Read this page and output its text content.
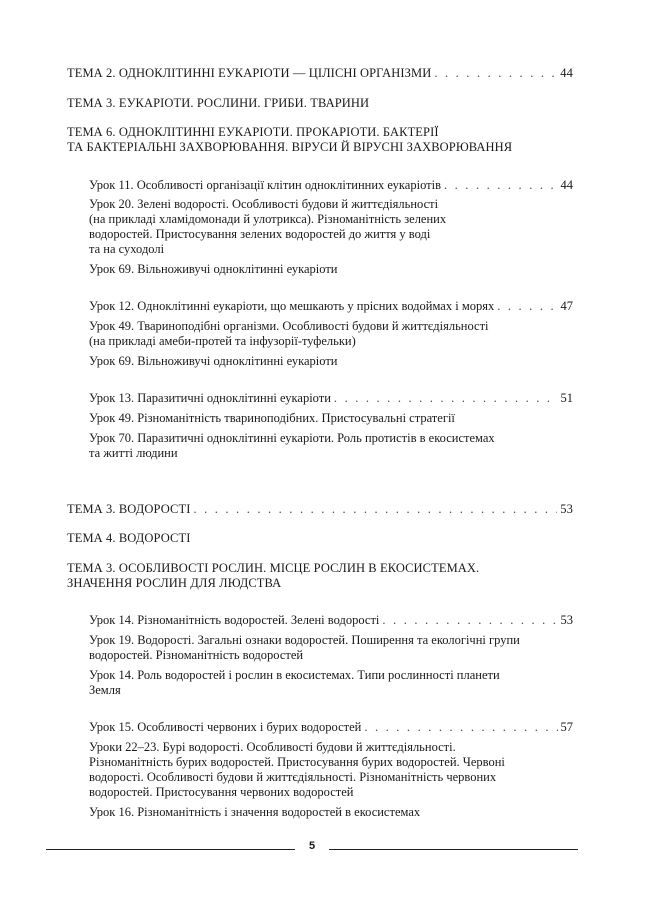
ТЕМА 2. ОДНОКЛІТИННІ ЕУКАРІОТИ — ЦІЛІСНІ ОРГАНІЗМИ . . .	44
ТЕМА 3. ЕУКАРІОТИ. РОСЛИНИ. ГРИБИ. ТВАРИНИ
ТЕМА 6. ОДНОКЛІТИННІ ЕУКАРІОТИ. ПРОКАРІОТИ. БАКТЕРІЇ
ТА БАКТЕРІАЛЬНІ ЗАХВОРЮВАННЯ. ВІРУСИ Й ВІРУСНІ ЗАХВОРЮВАННЯ
Урок 11. Особливості організації клітин одноклітинних еукаріотів . . .	44
Урок 20. Зелені водорості. Особливості будови й життєдіяльності
(на прикладі хламідомонади й улотрикса). Різноманітність зелених
водоростей. Пристосування зелених водоростей до життя у воді
та на суходолі
Урок 69. Вільноживучі одноклітинні еукаріоти
Урок 12. Одноклітинні еукаріоти, що мешкають у прісних водоймах і морях . . .	47
Урок 49. Твариноподібні організми. Особливості будови й життєдіяльності
(на прикладі амеби-протей та інфузорії-туфельки)
Урок 69. Вільноживучі одноклітинні еукаріоти
Урок 13. Паразитичні одноклітинні еукаріоти . . .	51
Урок 49. Різноманітність твариноподібних. Пристосувальні стратегії
Урок 70. Паразитичні одноклітинні еукаріоти. Роль протистів в екосистемах
та житті людини
ТЕМА 3. ВОДОРОСТІ . . .	53
ТЕМА 4. ВОДОРОСТІ
ТЕМА 3. ОСОБЛИВОСТІ РОСЛИН. МІСЦЕ РОСЛИН В ЕКОСИСТЕМАХ.
ЗНАЧЕННЯ РОСЛИН ДЛЯ ЛЮДСТВА
Урок 14. Різноманітність водоростей. Зелені водорості . . .	53
Урок 19. Водорості. Загальні ознаки водоростей. Поширення та екологічні групи
водоростей. Різноманітність водоростей
Урок 14. Роль водоростей і рослин в екосистемах. Типи рослинності планети
Земля
Урок 15. Особливості червоних і бурих водоростей . . .	57
Уроки 22–23. Бурі водорості. Особливості будови й життєдіяльності.
Різноманітність бурих водоростей. Пристосування бурих водоростей. Червоні
водорості. Особливості будови й життєдіяльності. Різноманітність червоних
водоростей. Пристосування червоних водоростей
Урок 16. Різноманітність і значення водоростей в екосистемах
5
